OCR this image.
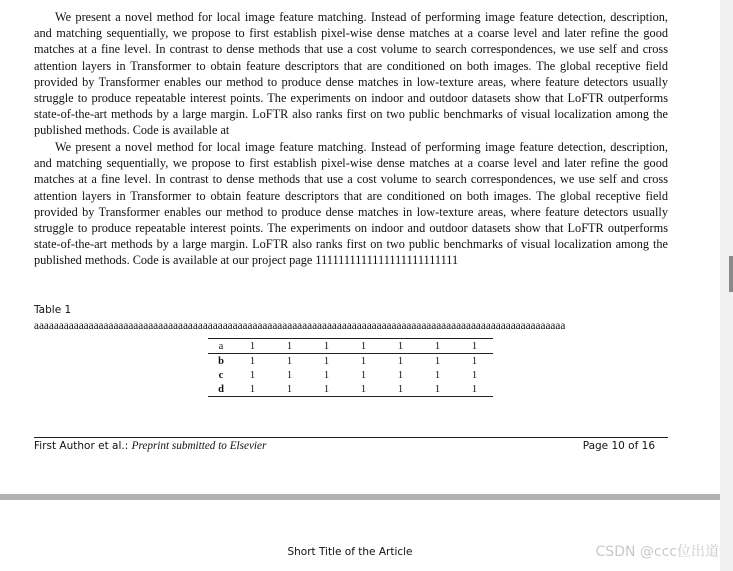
We present a novel method for local image feature matching. Instead of performing image feature detection, description, and matching sequentially, we propose to first establish pixel-wise dense matches at a coarse level and later refine the good matches at a fine level. In contrast to dense methods that use a cost volume to search correspondences, we use self and cross attention layers in Transformer to obtain feature descriptors that are conditioned on both images. The global receptive field provided by Transformer enables our method to produce dense matches in low-texture areas, where feature detectors usually struggle to produce repeatable interest points. The experiments on indoor and outdoor datasets show that LoFTR outperforms state-of-the-art methods by a large margin. LoFTR also ranks first on two public benchmarks of visual localization among the published methods. Code is available at

We present a novel method for local image feature matching. Instead of performing image feature detection, description, and matching sequentially, we propose to first establish pixel-wise dense matches at a coarse level and later refine the good matches at a fine level. In contrast to dense methods that use a cost volume to search correspondences, we use self and cross attention layers in Transformer to obtain feature descriptors that are conditioned on both images. The global receptive field provided by Transformer enables our method to produce dense matches in low-texture areas, where feature detectors usually struggle to produce repeatable interest points. The experiments on indoor and outdoor datasets show that LoFTR outperforms state-of-the-art methods by a large margin. LoFTR also ranks first on two public benchmarks of visual localization among the published methods. Code is available at our project page 1111111111111111111111111

Table 1
aaaaaaaaaaaaaaaaaaaaaaaaaaaaaaaaaaaaaaaaaaaaaaaaaaaaaaaaaaaaaaaaaaaaaaaaaaaaaaaaaaaaaaaaaaaaaaaaaaaaaaaaaaa
a	1	1	1	1	1	1	1
b	1	1	1	1	1	1	1
c	1	1	1	1	1	1	1
d	1	1	1	1	1	1	1
First Author et al.: Preprint submitted to Elsevier	Page 10 of 16
Short Title of the Article	CSDN @ccc位出道
